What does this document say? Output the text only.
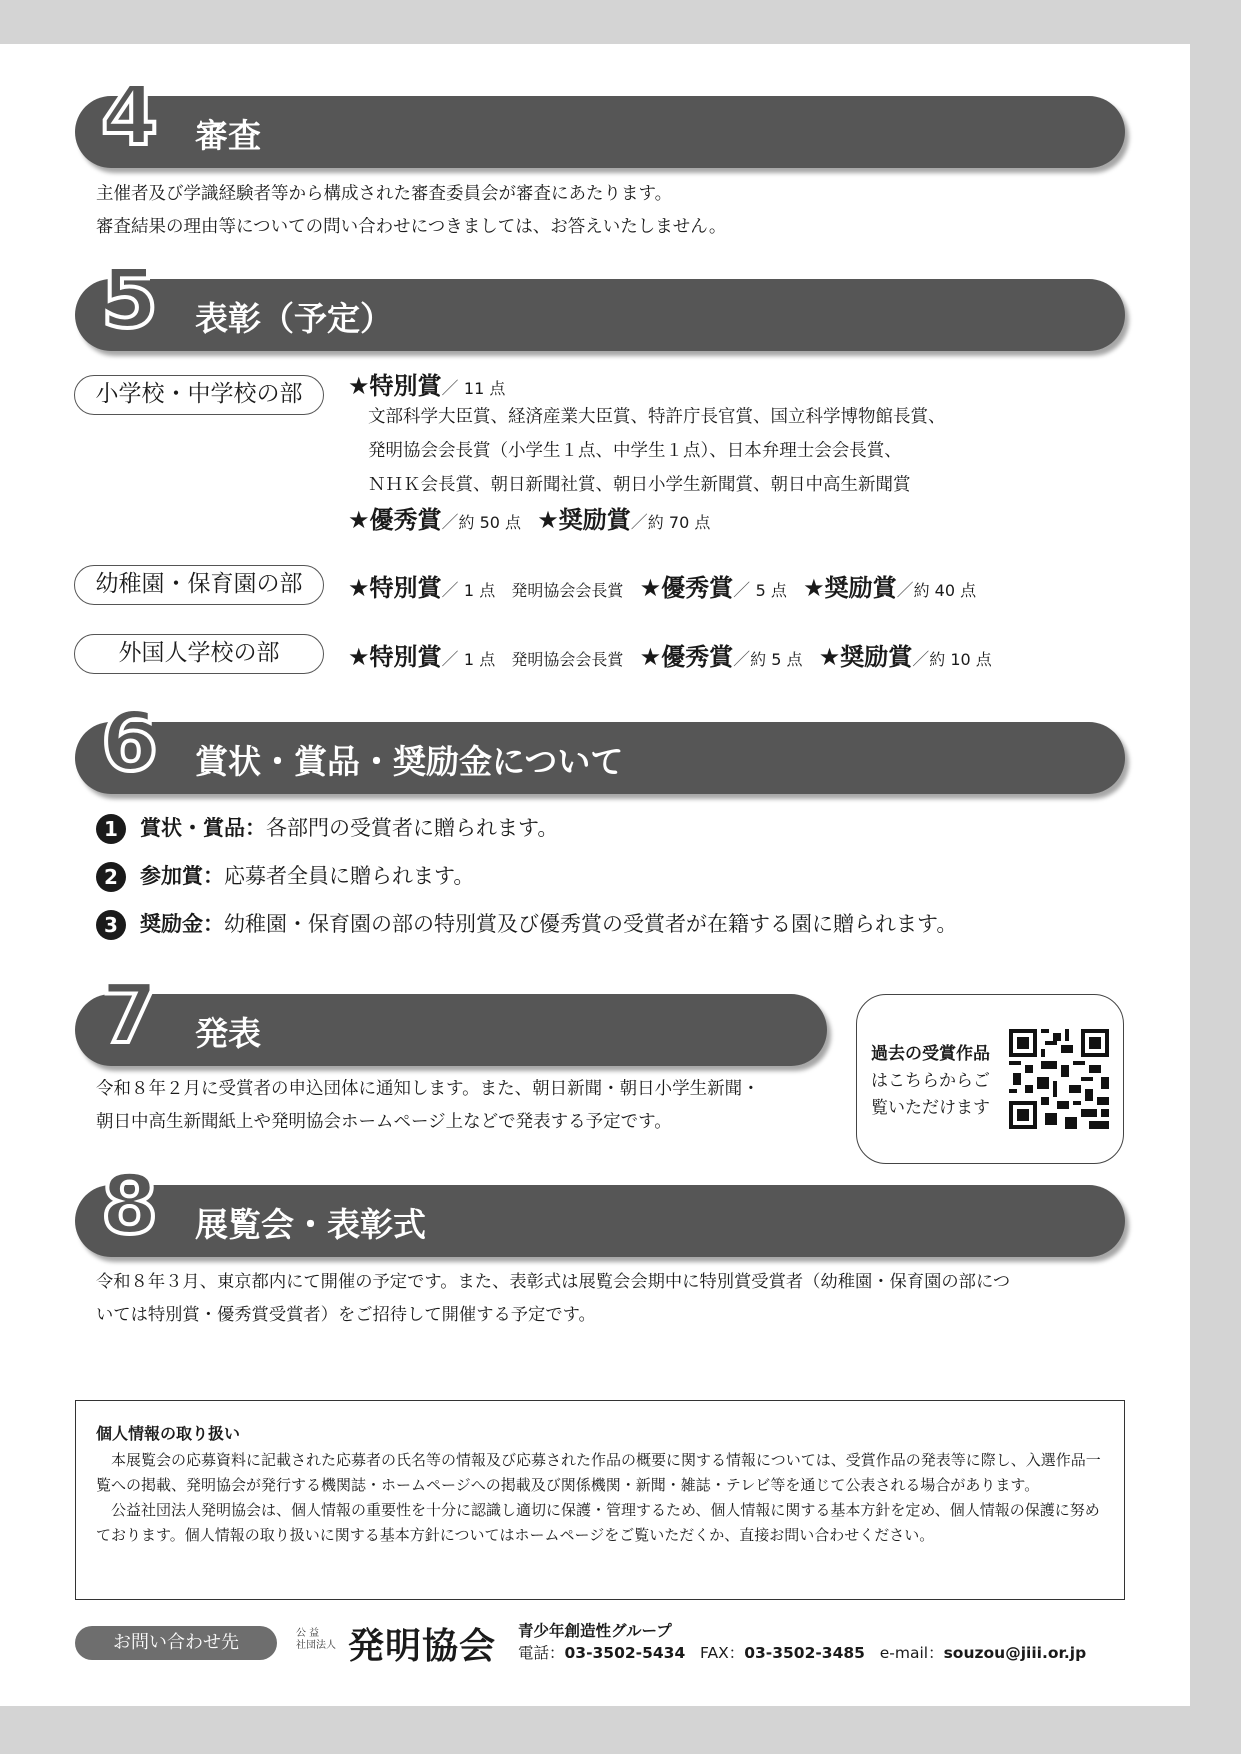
4 審査
主催者及び学識経験者等から構成された審査委員会が審査にあたります。
審査結果の理由等についての問い合わせにつきましては、お答えいたしません。
5 表彰（予定）
小学校・中学校の部	★特別賞／ 11 点
文部科学大臣賞、経済産業大臣賞、特許庁長官賞、国立科学博物館長賞、
発明協会会長賞（小学生１点、中学生１点）、日本弁理士会会長賞、
ＮＨＫ会長賞、朝日新聞社賞、朝日小学生新聞賞、朝日中高生新聞賞
★優秀賞／約 50 点 ★奨励賞／約 70 点
幼稚園・保育園の部	★特別賞／ 1 点 発明協会会長賞 ★優秀賞／ 5 点 ★奨励賞／約 40 点
外国人学校の部	★特別賞／ 1 点 発明協会会長賞 ★優秀賞／約 5 点 ★奨励賞／約 10 点
6 賞状・賞品・奨励金について
1 賞状・賞品：各部門の受賞者に贈られます。
2 参加賞：応募者全員に贈られます。
3 奨励金：幼稚園・保育園の部の特別賞及び優秀賞の受賞者が在籍する園に贈られます。
7 発表
令和８年２月に受賞者の申込団体に通知します。また、朝日新聞・朝日小学生新聞・
朝日中高生新聞紙上や発明協会ホームページ上などで発表する予定です。
過去の受賞作品
はこちらからご
覧いただけます
8 展覧会・表彰式
令和８年３月、東京都内にて開催の予定です。また、表彰式は展覧会会期中に特別賞受賞者（幼稚園・保育園の部につ
いては特別賞・優秀賞受賞者）をご招待して開催する予定です。
個人情報の取り扱い

本展覧会の応募資料に記載された応募者の氏名等の情報及び応募された作品の概要に関する情報については、受賞作品の発表等に際し、入選作品一覧への掲載、発明協会が発行する機関誌・ホームページへの掲載及び関係機関・新聞・雑誌・テレビ等を通じて公表される場合があります。

公益社団法人発明協会は、個人情報の重要性を十分に認識し適切に保護・管理するため、個人情報に関する基本方針を定め、個人情報の保護に努めております。個人情報の取り扱いに関する基本方針についてはホームページをご覧いただくか、直接お問い合わせください。

お問い合わせ先	公 益
社団法人 発明協会 青少年創造性グループ
電話：03-3502-5434 FAX：03-3502-3485 e-mail：souzou@jiii.or.jp
